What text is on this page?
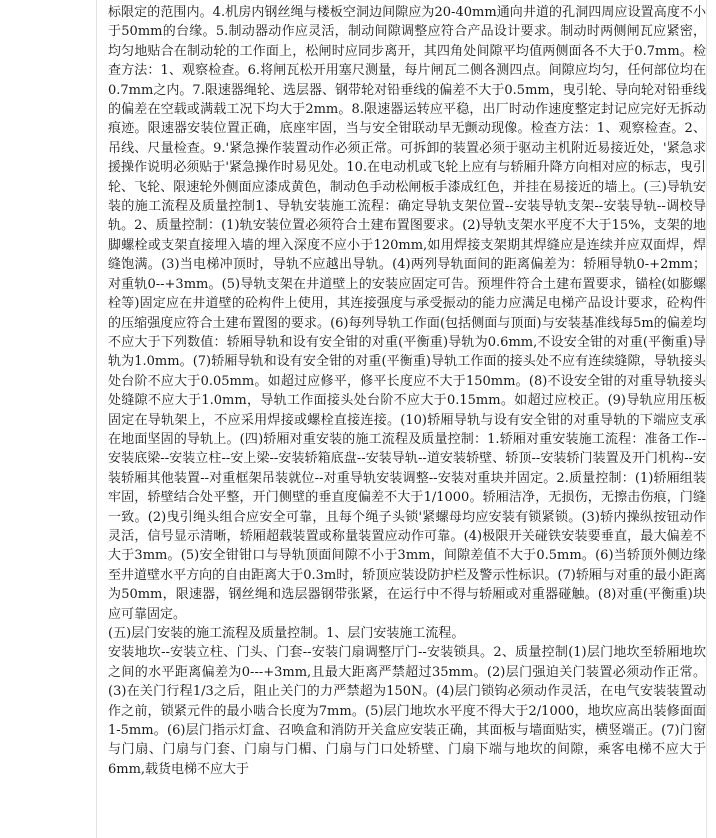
标限定的范围内。4.机房内钢丝绳与楼板空洞边间隙应为20-40mm通向井道的孔洞四周应设置高度不小于50mm的台缘。5.制动器动作应灵活，制动间隙调整应符合产品设计要求。制动时两侧闸瓦应紧密，均匀地贴合在制动轮的工作面上，松闸时应同步离开，其四角处间隙平均值两侧面各不大于0.7mm。检查方法：1、观察检查。6.将闸瓦松开用塞尺测量，每片闸瓦二侧各测四点。间隙应均匀，任何部位均在0.7mm之内。7.限速器绳轮、选层器、钢带轮对铅垂线的偏差不大于0.5mm，曳引轮、导向轮对铅垂线的偏差在空载或满载工况下均大于2mm。8.限速器运转应平稳，出厂时动作速度整定封记应完好无拆动痕迹。限速器安装位置正确，底座牢固，当与安全钳联动早无颤动现像。检查方法：1、观察检查。2、吊线、尺量检查。9.'紧急操作装置动作必须正常。可拆卸的装置必须于驱动主机附近易接近处，'紧急求援操作说明必须贴于'紧急操作时易见处。10.在电动机或飞轮上应有与轿厢升降方向相对应的标志，曳引轮、飞轮、限速轮外侧面应漆成黄色，制动色手动松闸板手漆成红色，并挂在易接近的墙上。(三)导轨安装的施工流程及质量控制1、导轨安装施工流程：确定导轨支架位置--安装导轨支架--安装导轨--调校导轨。2、质量控制：(1)轨安装位置必须符合土建布置图要求。(2)导轨支架水平度不大于15%，支架的地脚螺栓或支架直接埋入墙的埋入深度不应小于120mm,如用焊接支架期其焊缝应是连续并应双面焊，焊缝饱满。(3)当电梯冲顶时，导轨不应越出导轨。(4)两列导轨面间的距离偏差为：轿厢导轨0-+2mm；对重轨0--+3mm。(5)导轨支架在井道壁上的安装应固定可告。预埋件符合土建布置要求，锚栓(如膨螺栓等)固定应在井道壁的砼构件上使用，其连接强度与承受振动的能力应满足电梯产品设计要求，砼构件的压缩强度应符合土建布置图的要求。(6)每列导轨工作面(包括侧面与顶面)与安装基准线每5m的偏差均不应大于下列数值：轿厢导轨和设有安全钳的对重(平衡重)导轨为0.6mm,不设安全钳的对重(平衡重)导轨为1.0mm。(7)轿厢导轨和设有安全钳的对重(平衡重)导轨工作面的接头处不应有连续缝隙，导轨接头处台阶不应大于0.05mm。如超过应修平，修平长度应不大于150mm。(8)不设安全钳的对重导轨接头处缝隙不应大于1.0mm，导轨工作面接头处台阶不应大于0.15mm。如超过应校正。(9)导轨应用压板固定在导轨架上，不应采用焊接或螺栓直接连接。(10)轿厢导轨与设有安全钳的对重导轨的下端应支承在地面坚固的导轨上。(四)轿厢对重安装的施工流程及质量控制：1.轿厢对重安装施工流程：准备工作--安装底梁--安装立柱--安上梁--安装轿箱底盘--安装导轨--道安装轿壁、轿顶--安装轿门装置及开门机构--安装轿厢其他装置--对重框架吊装就位--对重导轨安装调整--安装对重块并固定。2.质量控制：(1)轿厢组装牢固，轿壁结合处平整，开门侧壁的垂直度偏差不大于1/1000。轿厢洁净，无损伤，无擦击伤痕，门缝一致。(2)曳引绳头组合应安全可靠，且每个绳子头锁'紧螺母均应安装有锁紧锁。(3)轿内操纵按钮动作灵活，信号显示清晰，轿厢超载装置或称量装置应动作可靠。(4)极限开关碰铁安装要垂直，最大偏差不大于3mm。(5)安全钳钳口与导轨顶面间隙不小于3mm，间隙差值不大于0.5mm。(6)当轿顶外侧边缘至井道壁水平方向的自由距离大于0.3m时，轿顶应装设防护栏及警示性标识。(7)轿厢与对重的最小距离为50mm，限速器，钢丝绳和选层器钢带张紧，在运行中不得与轿厢或对重器碰触。(8)对重(平衡重)块应可靠固定。

(五)层门安装的施工流程及质量控制。1、层门安装施工流程。

安装地坎--安装立柱、门头、门套--安装门扇调整厅门--安装锁具。2、质量控制(1)层门地坎至轿厢地坎之间的水平距离偏差为0---+3mm,且最大距离严禁超过35mm。(2)层门强迫关门装置必须动作正常。(3)在关门行程1/3之后，阻止关门的力严禁超为150N。(4)层门锁钩必须动作灵活，在电气安装装置动作之前，锁紧元件的最小啮合长度为7mm。(5)层门地坎水平度不得大于2/1000，地坎应高出装修面面1-5mm。(6)层门指示灯盒、召唤盒和消防开关盒应安装正确，其面板与墙面贴实，横竖端正。(7)门窗与门扇、门扇与门套、门扇与门楣、门扇与门口处轿壁、门扇下端与地坎的间隙，乘客电梯不应大于6mm,载货电梯不应大于
